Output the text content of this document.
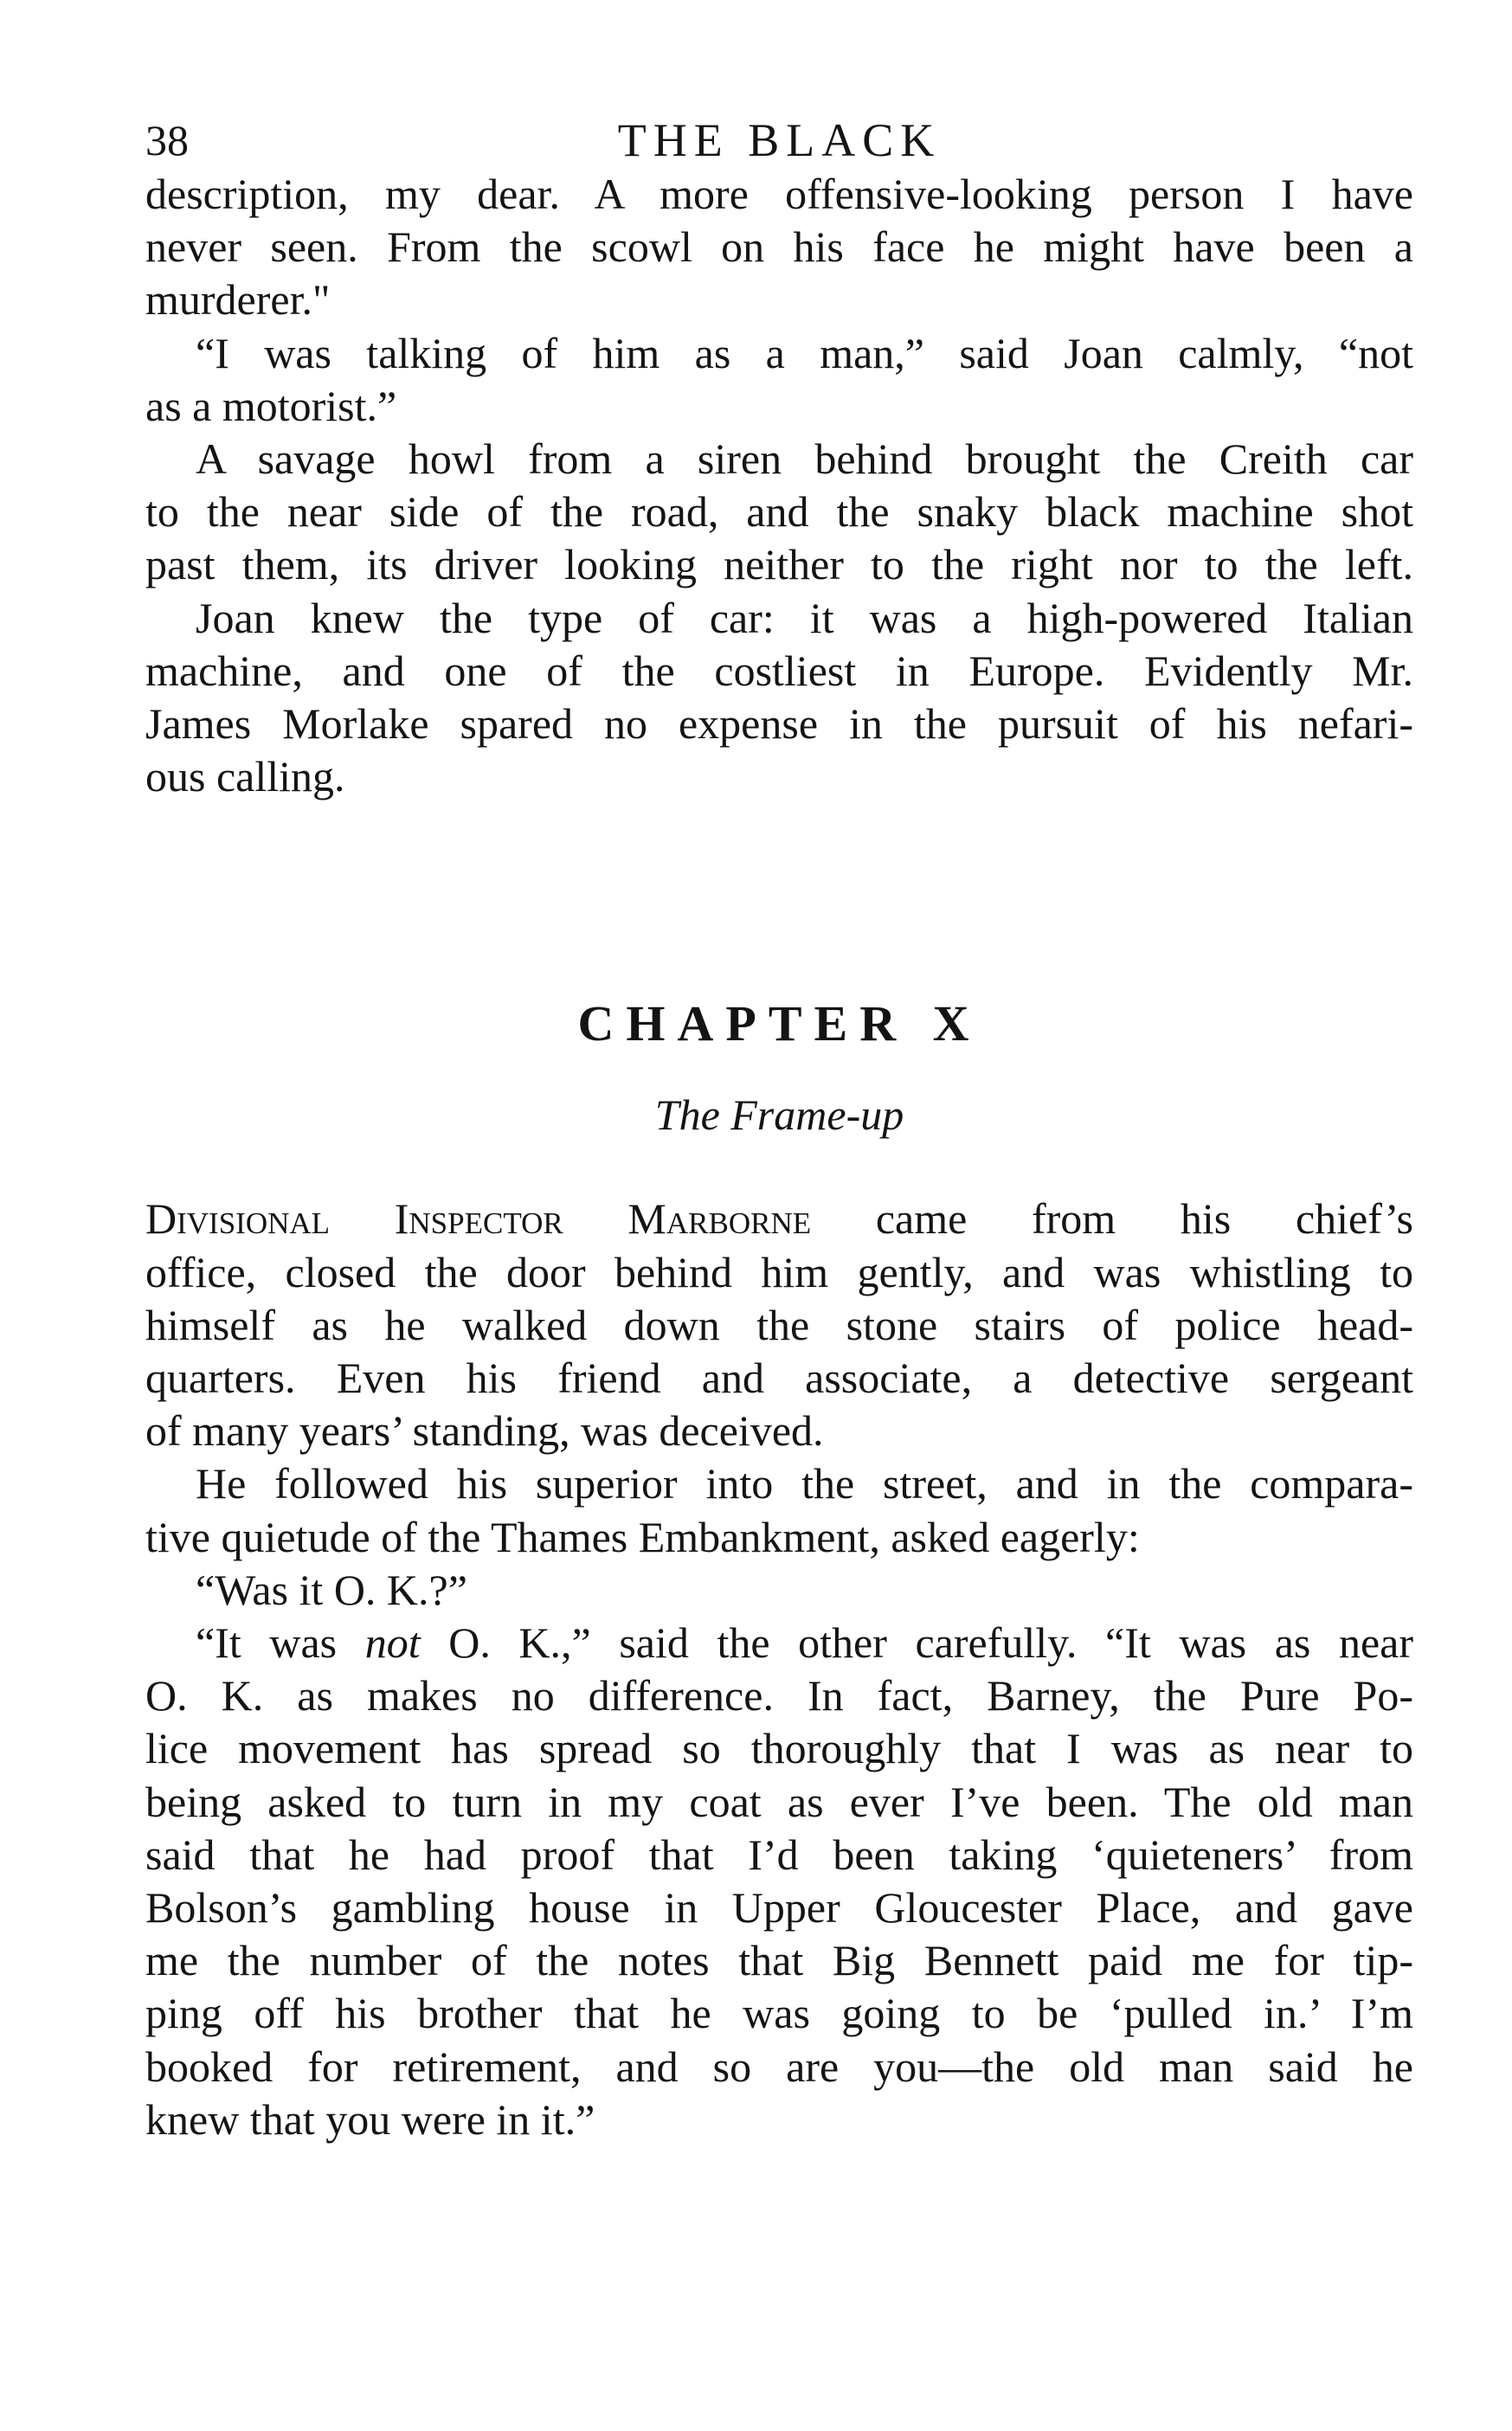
38	THE BLACK
description, my dear. A more offensive-looking person I have
never seen. From the scowl on his face he might have been a
murderer."
“I was talking of him as a man,” said Joan calmly, “not
as a motorist.”
A savage howl from a siren behind brought the Creith car
to the near side of the road, and the snaky black machine shot
past them, its driver looking neither to the right nor to the left.
Joan knew the type of car: it was a high-powered Italian
machine, and one of the costliest in Europe. Evidently Mr.
James Morlake spared no expense in the pursuit of his nefari-
ous calling.
CHAPTER X
The Frame-up
Divisional Inspector Marborne came from his chief’s
office, closed the door behind him gently, and was whistling to
himself as he walked down the stone stairs of police head-
quarters. Even his friend and associate, a detective sergeant
of many years’ standing, was deceived.
He followed his superior into the street, and in the compara-
tive quietude of the Thames Embankment, asked eagerly:
“Was it O. K.?”
“It was not O. K.,” said the other carefully. “It was as near
O. K. as makes no difference. In fact, Barney, the Pure Po-
lice movement has spread so thoroughly that I was as near to
being asked to turn in my coat as ever I’ve been. The old man
said that he had proof that I’d been taking ‘quieteners’ from
Bolson’s gambling house in Upper Gloucester Place, and gave
me the number of the notes that Big Bennett paid me for tip-
ping off his brother that he was going to be ‘pulled in.’ I’m
booked for retirement, and so are you—the old man said he
knew that you were in it.”
